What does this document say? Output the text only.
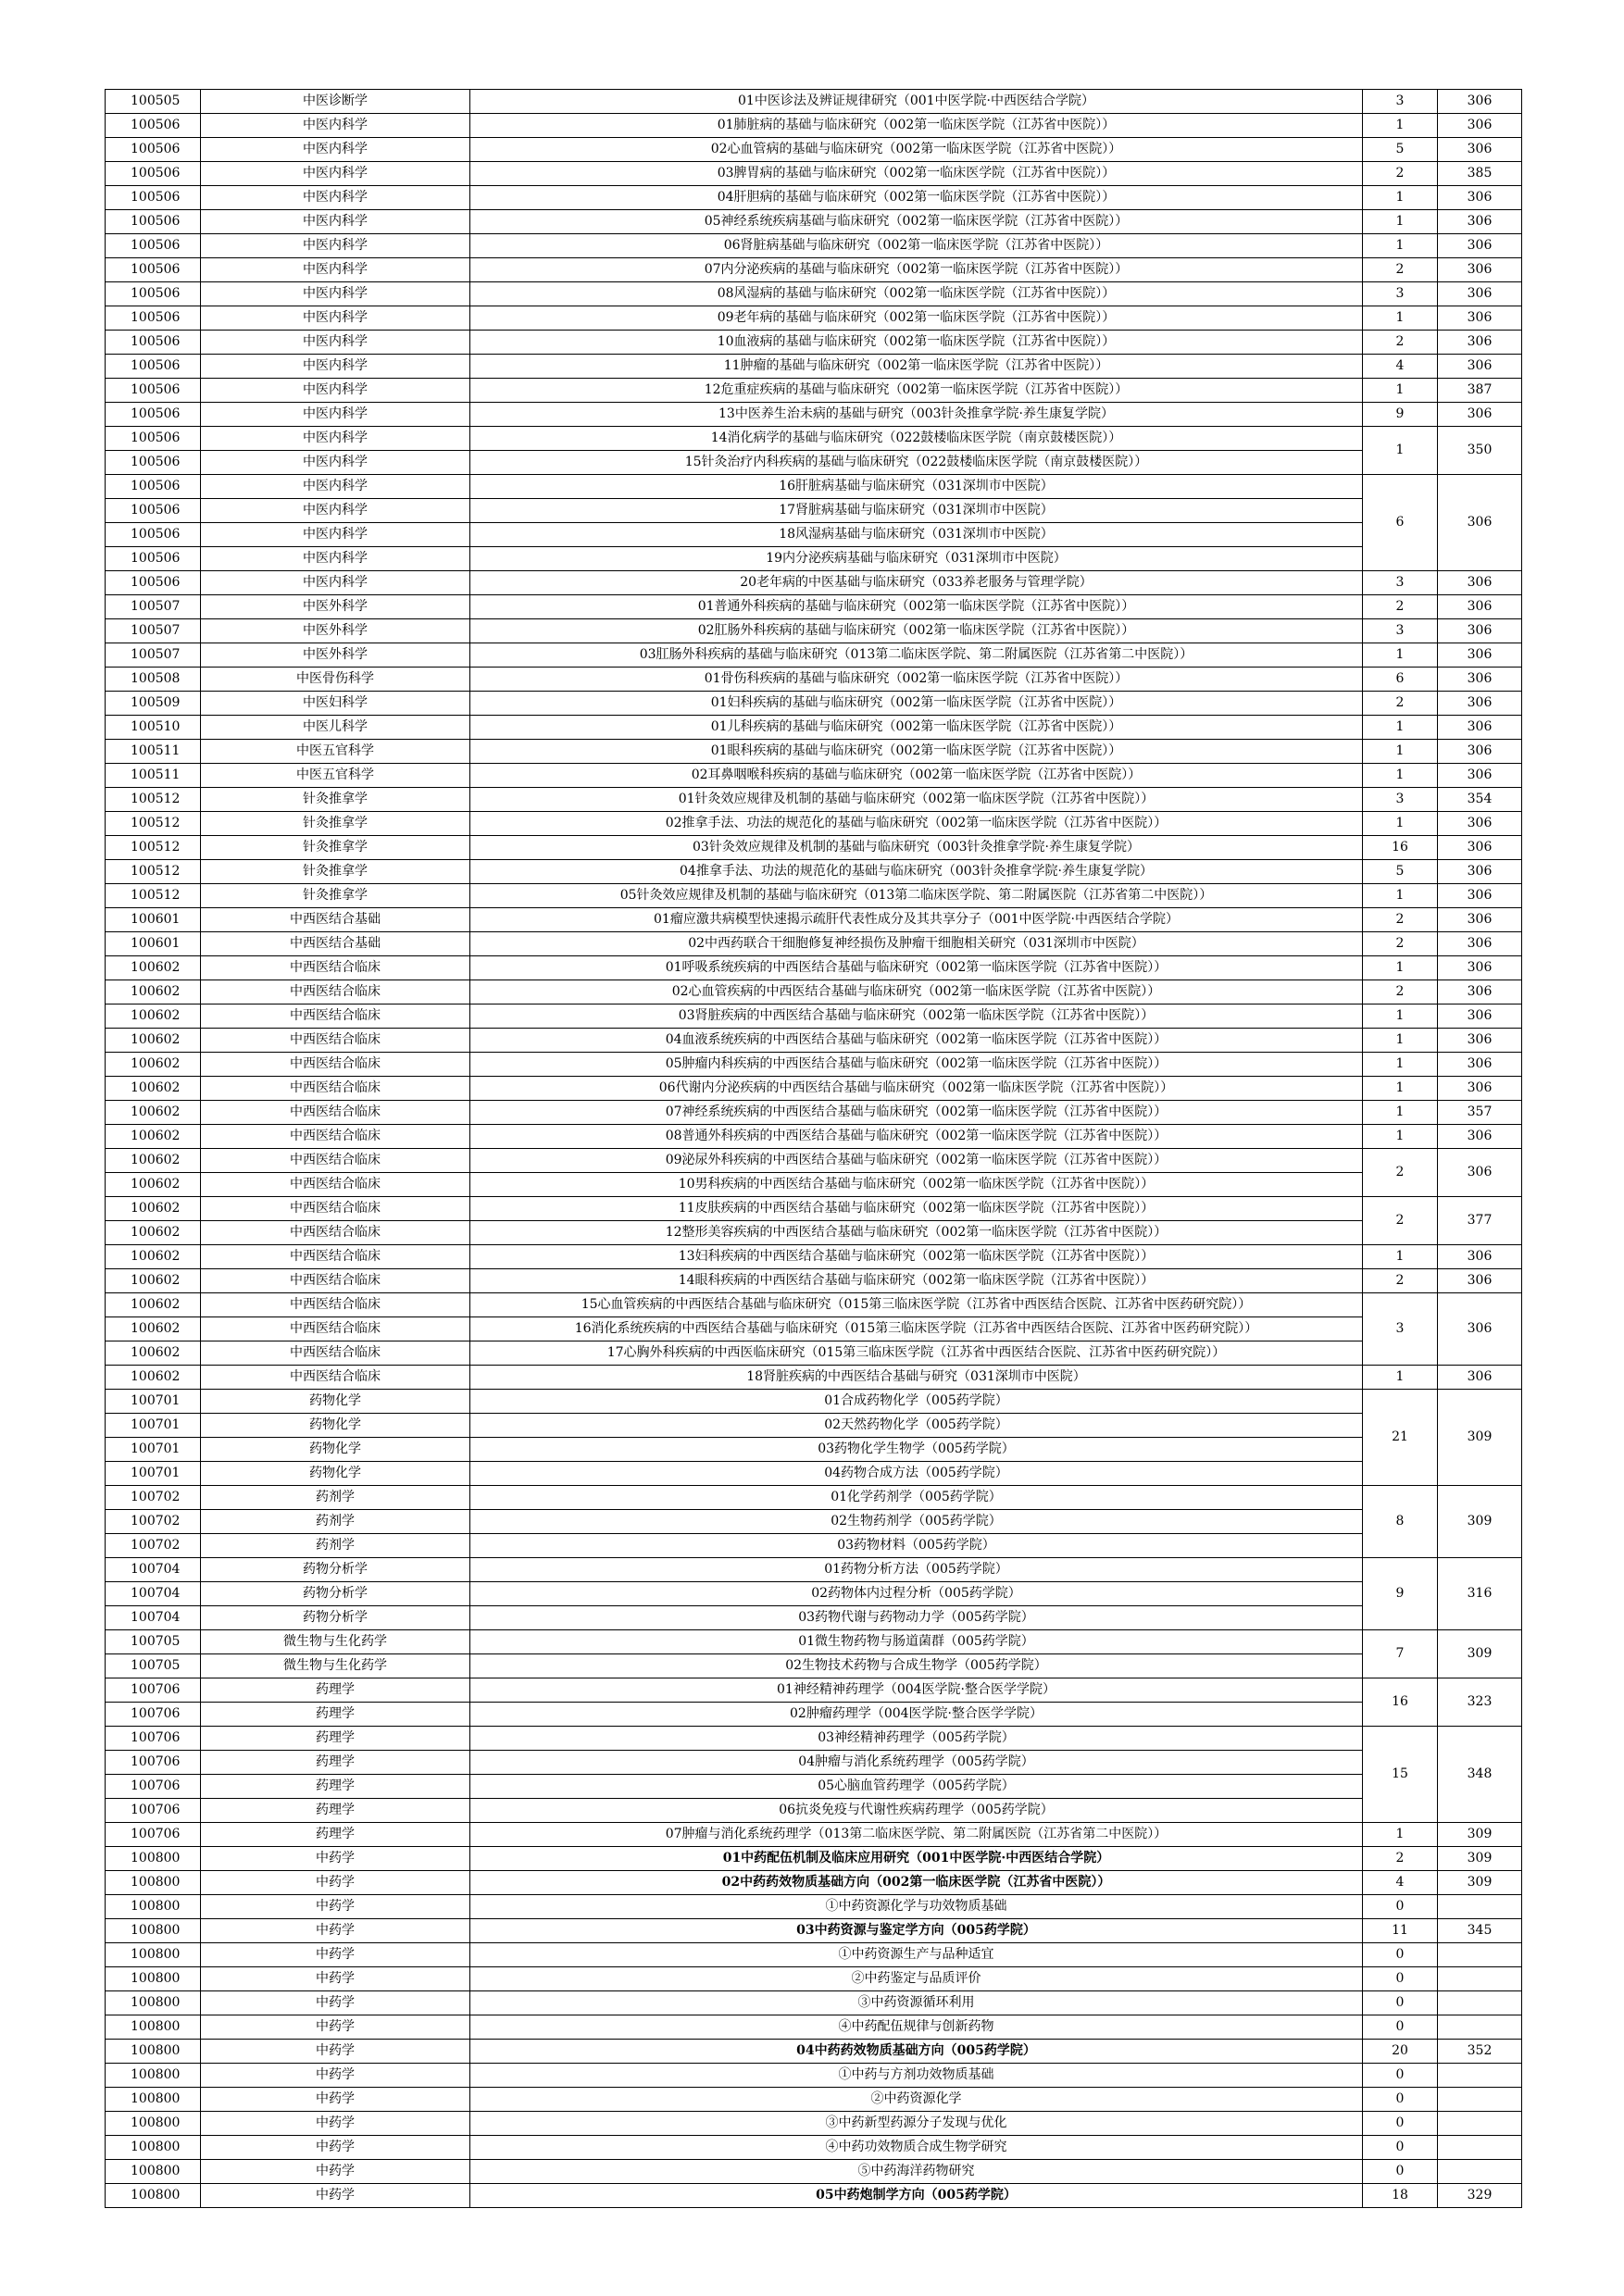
100505	中医诊断学	01中医诊法及辨证规律研究（001中医学院·中西医结合学院）	3	306
100506	中医内科学	01肺脏病的基础与临床研究（002第一临床医学院（江苏省中医院））	1	306
100506	中医内科学	02心血管病的基础与临床研究（002第一临床医学院（江苏省中医院））	5	306
100506	中医内科学	03脾胃病的基础与临床研究（002第一临床医学院（江苏省中医院））	2	385
100506	中医内科学	04肝胆病的基础与临床研究（002第一临床医学院（江苏省中医院））	1	306
100506	中医内科学	05神经系统疾病基础与临床研究（002第一临床医学院（江苏省中医院））	1	306
100506	中医内科学	06肾脏病基础与临床研究（002第一临床医学院（江苏省中医院））	1	306
100506	中医内科学	07内分泌疾病的基础与临床研究（002第一临床医学院（江苏省中医院））	2	306
100506	中医内科学	08风湿病的基础与临床研究（002第一临床医学院（江苏省中医院））	3	306
100506	中医内科学	09老年病的基础与临床研究（002第一临床医学院（江苏省中医院））	1	306
100506	中医内科学	10血液病的基础与临床研究（002第一临床医学院（江苏省中医院））	2	306
100506	中医内科学	11肿瘤的基础与临床研究（002第一临床医学院（江苏省中医院））	4	306
100506	中医内科学	12危重症疾病的基础与临床研究（002第一临床医学院（江苏省中医院））	1	387
100506	中医内科学	13中医养生治未病的基础与研究（003针灸推拿学院·养生康复学院）	9	306
100506	中医内科学	14消化病学的基础与临床研究（022鼓楼临床医学院（南京鼓楼医院））	1	350
100506	中医内科学	15针灸治疗内科疾病的基础与临床研究（022鼓楼临床医学院（南京鼓楼医院））		
100506	中医内科学	16肝脏病基础与临床研究（031深圳市中医院）	6	306
100506	中医内科学	17肾脏病基础与临床研究（031深圳市中医院）		
100506	中医内科学	18风湿病基础与临床研究（031深圳市中医院）		
100506	中医内科学	19内分泌疾病基础与临床研究（031深圳市中医院）		
100506	中医内科学	20老年病的中医基础与临床研究（033养老服务与管理学院）	3	306
100507	中医外科学	01普通外科疾病的基础与临床研究（002第一临床医学院（江苏省中医院））	2	306
100507	中医外科学	02肛肠外科疾病的基础与临床研究（002第一临床医学院（江苏省中医院））	3	306
100507	中医外科学	03肛肠外科疾病的基础与临床研究（013第二临床医学院、第二附属医院（江苏省第二中医院））	1	306
100508	中医骨伤科学	01骨伤科疾病的基础与临床研究（002第一临床医学院（江苏省中医院））	6	306
100509	中医妇科学	01妇科疾病的基础与临床研究（002第一临床医学院（江苏省中医院））	2	306
100510	中医儿科学	01儿科疾病的基础与临床研究（002第一临床医学院（江苏省中医院））	1	306
100511	中医五官科学	01眼科疾病的基础与临床研究（002第一临床医学院（江苏省中医院））	1	306
100511	中医五官科学	02耳鼻咽喉科疾病的基础与临床研究（002第一临床医学院（江苏省中医院））	1	306
100512	针灸推拿学	01针灸效应规律及机制的基础与临床研究（002第一临床医学院（江苏省中医院））	3	354
100512	针灸推拿学	02推拿手法、功法的规范化的基础与临床研究（002第一临床医学院（江苏省中医院））	1	306
100512	针灸推拿学	03针灸效应规律及机制的基础与临床研究（003针灸推拿学院·养生康复学院）	16	306
100512	针灸推拿学	04推拿手法、功法的规范化的基础与临床研究（003针灸推拿学院·养生康复学院）	5	306
100512	针灸推拿学	05针灸效应规律及机制的基础与临床研究（013第二临床医学院、第二附属医院（江苏省第二中医院））	1	306
100601	中西医结合基础	01瘤应激共病模型快速揭示疏肝代表性成分及其共享分子（001中医学院·中西医结合学院）	2	306
100601	中西医结合基础	02中西药联合干细胞修复神经损伤及肿瘤干细胞相关研究（031深圳市中医院）	2	306
100602	中西医结合临床	01呼吸系统疾病的中西医结合基础与临床研究（002第一临床医学院（江苏省中医院））	1	306
100602	中西医结合临床	02心血管疾病的中西医结合基础与临床研究（002第一临床医学院（江苏省中医院））	2	306
100602	中西医结合临床	03肾脏疾病的中西医结合基础与临床研究（002第一临床医学院（江苏省中医院））	1	306
100602	中西医结合临床	04血液系统疾病的中西医结合基础与临床研究（002第一临床医学院（江苏省中医院））	1	306
100602	中西医结合临床	05肿瘤内科疾病的中西医结合基础与临床研究（002第一临床医学院（江苏省中医院））	1	306
100602	中西医结合临床	06代谢内分泌疾病的中西医结合基础与临床研究（002第一临床医学院（江苏省中医院））	1	306
100602	中西医结合临床	07神经系统疾病的中西医结合基础与临床研究（002第一临床医学院（江苏省中医院））	1	357
100602	中西医结合临床	08普通外科疾病的中西医结合基础与临床研究（002第一临床医学院（江苏省中医院））	1	306
100602	中西医结合临床	09泌尿外科疾病的中西医结合基础与临床研究（002第一临床医学院（江苏省中医院））	2	306
100602	中西医结合临床	10男科疾病的中西医结合基础与临床研究（002第一临床医学院（江苏省中医院））		
100602	中西医结合临床	11皮肤疾病的中西医结合基础与临床研究（002第一临床医学院（江苏省中医院））	2	377
100602	中西医结合临床	12整形美容疾病的中西医结合基础与临床研究（002第一临床医学院（江苏省中医院））		
100602	中西医结合临床	13妇科疾病的中西医结合基础与临床研究（002第一临床医学院（江苏省中医院））	1	306
100602	中西医结合临床	14眼科疾病的中西医结合基础与临床研究（002第一临床医学院（江苏省中医院））	2	306
100602	中西医结合临床	15心血管疾病的中西医结合基础与临床研究（015第三临床医学院（江苏省中西医结合医院、江苏省中医药研究院））	3	306
100602	中西医结合临床	16消化系统疾病的中西医结合基础与临床研究（015第三临床医学院（江苏省中西医结合医院、江苏省中医药研究院））		
100602	中西医结合临床	17心胸外科疾病的中西医临床研究（015第三临床医学院（江苏省中西医结合医院、江苏省中医药研究院））		
100602	中西医结合临床	18肾脏疾病的中西医结合基础与研究（031深圳市中医院）	1	306
100701	药物化学	01合成药物化学（005药学院）	21	309
100701	药物化学	02天然药物化学（005药学院）		
100701	药物化学	03药物化学生物学（005药学院）		
100701	药物化学	04药物合成方法（005药学院）		
100702	药剂学	01化学药剂学（005药学院）	8	309
100702	药剂学	02生物药剂学（005药学院）		
100702	药剂学	03药物材料（005药学院）		
100704	药物分析学	01药物分析方法（005药学院）	9	316
100704	药物分析学	02药物体内过程分析（005药学院）		
100704	药物分析学	03药物代谢与药物动力学（005药学院）		
100705	微生物与生化药学	01微生物药物与肠道菌群（005药学院）	7	309
100705	微生物与生化药学	02生物技术药物与合成生物学（005药学院）		
100706	药理学	01神经精神药理学（004医学院·整合医学学院）	16	323
100706	药理学	02肿瘤药理学（004医学院·整合医学学院）		
100706	药理学	03神经精神药理学（005药学院）	15	348
100706	药理学	04肿瘤与消化系统药理学（005药学院）		
100706	药理学	05心脑血管药理学（005药学院）		
100706	药理学	06抗炎免疫与代谢性疾病药理学（005药学院）		
100706	药理学	07肿瘤与消化系统药理学（013第二临床医学院、第二附属医院（江苏省第二中医院））	1	309
100800	中药学	01中药配伍机制及临床应用研究（001中医学院·中西医结合学院）	2	309
100800	中药学	02中药药效物质基础方向（002第一临床医学院（江苏省中医院））	4	309
100800	中药学	①中药资源化学与功效物质基础	0	
100800	中药学	03中药资源与鉴定学方向（005药学院）	11	345
100800	中药学	①中药资源生产与品种适宜	0	
100800	中药学	②中药鉴定与品质评价	0	
100800	中药学	③中药资源循环利用	0	
100800	中药学	④中药配伍规律与创新药物	0	
100800	中药学	04中药药效物质基础方向（005药学院）	20	352
100800	中药学	①中药与方剂功效物质基础	0	
100800	中药学	②中药资源化学	0	
100800	中药学	③中药新型药源分子发现与优化	0	
100800	中药学	④中药功效物质合成生物学研究	0	
100800	中药学	⑤中药海洋药物研究	0	
100800	中药学	05中药炮制学方向（005药学院）	18	329
